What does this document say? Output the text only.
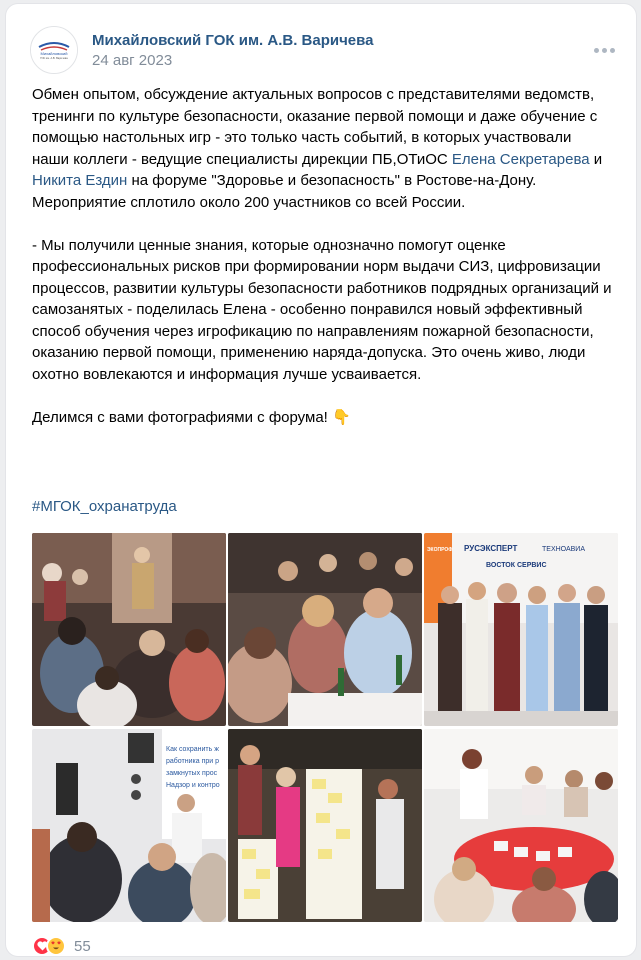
Михайловский
ГОК им. А.В. Варичева
Михайловский ГОК им. А.В. Варичева
24 авг 2023

Обмен опытом, обсуждение актуальных вопросов с представителями ведомств, тренинги по культуре безопасности, оказание первой помощи и даже обучение с помощью настольных игр - это только часть событий, в которых участвовали наши коллеги - ведущие специалисты дирекции ПБ,ОТиОС Елена Секретарева и Никита Ездин на форуме "Здоровье и безопасность" в Ростове-на-Дону. Мероприятие сплотило около 200 участников со всей России.

- Мы получили ценные знания, которые однозначно помогут оценке профессиональных рисков при формировании норм выдачи СИЗ, цифровизации процессов, развитии культуры безопасности работников подрядных организаций и самозанятых - поделилась Елена - особенно понравился новый эффективный способ обучения через игрофикацию по направлениям пожарной безопасности, оказанию первой помощи, применению наряда-допуска. Это очень живо, люди охотно вовлекаются и информация лучше усваивается.

Делимся с вами фотографиями с форума! 👇

#МГОК_охранатруда
РУСЭКСПЕРТ	ТЕХНОАВИА
ВОСТОК СЕРВИС
ЭКОПРОФ
Как сохранить ж
работника при р
замкнутых прос
Надзор и контро
55
